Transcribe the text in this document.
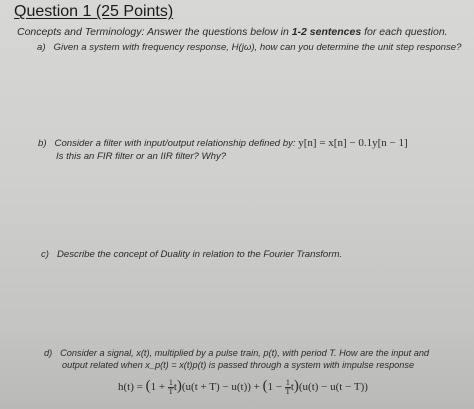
Question 1 (25 Points)
Concepts and Terminology: Answer the questions below in 1-2 sentences for each question.
a) Given a system with frequency response, H(jω), how can you determine the unit step response?
b) Consider a filter with input/output relationship defined by: y[n] = x[n] − 0.1y[n − 1]
Is this an FIR filter or an IIR filter? Why?
c) Describe the concept of Duality in relation to the Fourier Transform.
d) Consider a signal, x(t), multiplied by a pulse train, p(t), with period T. How are the input and
output related when x_p(t) = x(t)p(t) is passed through a system with impulse response
$h(t) = (1 + \frac{1}{T} t)(u(t + T) - u(t)) + (1 - \frac{1}{T} t)(u(t) - u(t - T))$
